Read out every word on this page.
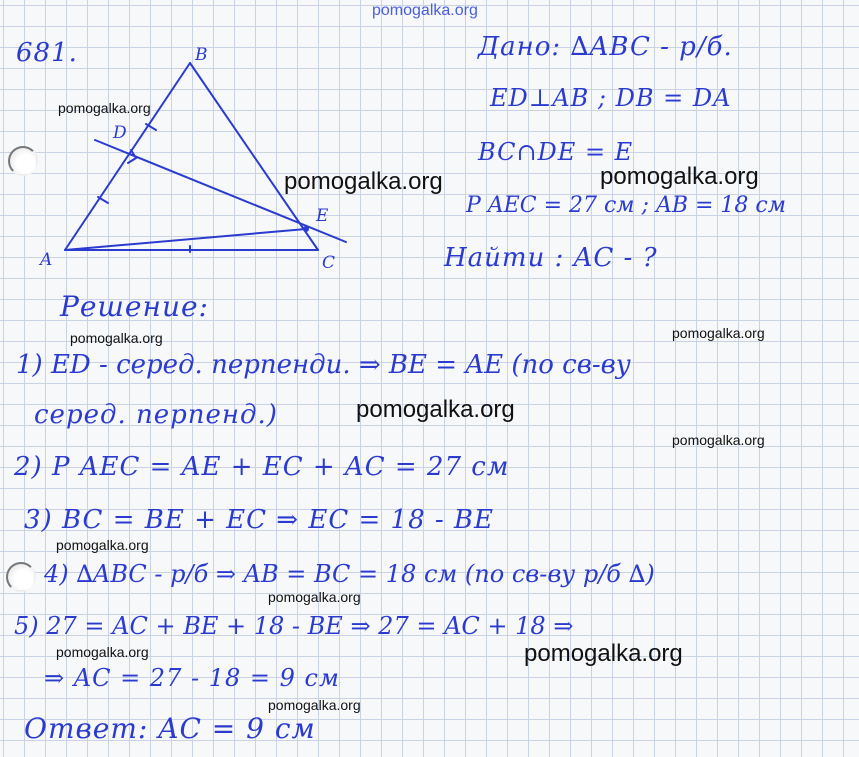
pomogalka.org
681.	B
A	C
E
D
Дано: ∆ABC - р/б.
ED⊥AB ; DB = DA
BC∩DE = E
P AEC = 27 см ; AB = 18 см
Найти : AC - ?
Решение:
1) ED - серед. перпенди. ⇒ BE = AE (по св-ву
серед. перпенд.)
2) P AEC = AE + EC + AC = 27 см
3) BC = BE + EC ⇒ EC = 18 - BE
4) ∆ABC - р/б ⇒ AB = BC = 18 см (по св-ву р/б ∆)
5) 27 = AC + BE + 18 - BE ⇒ 27 = AC + 18 ⇒
⇒ AC = 27 - 18 = 9 см
Ответ: AC = 9 см
pomogalka.org
pomogalka.org	pomogalka.org
pomogalka.org	pomogalka.org
pomogalka.org
pomogalka.org
pomogalka.org
pomogalka.org
pomogalka.org	pomogalka.org
pomogalka.org
